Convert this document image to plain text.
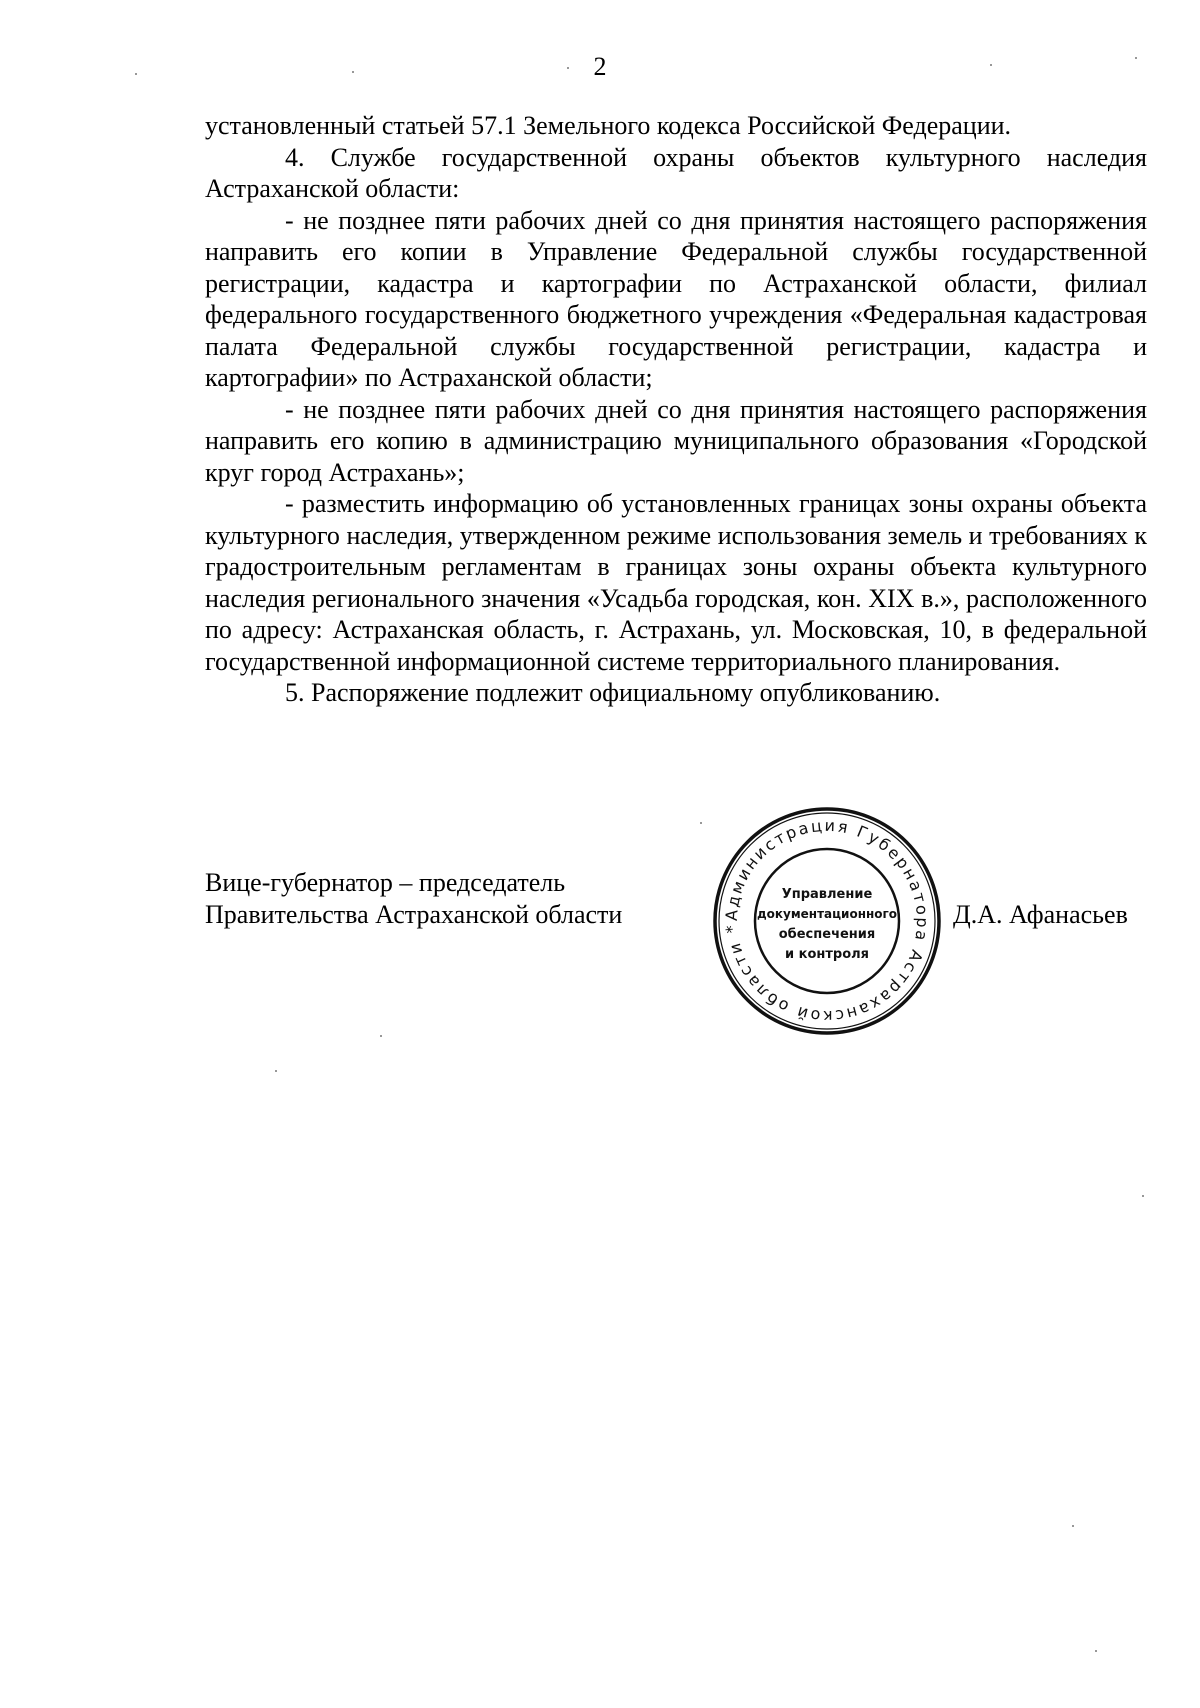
2

установленный статьей 57.1 Земельного кодекса Российской Федерации.

4. Службе государственной охраны объектов культурного наследия Астраханской области:

- не позднее пяти рабочих дней со дня принятия настоящего распоряжения направить его копии в Управление Федеральной службы государственной регистрации, кадастра и картографии по Астраханской области, филиал федерального государственного бюджетного учреждения «Федеральная кадастровая палата Федеральной службы государственной регистрации, кадастра и картографии» по Астраханской области;

- не позднее пяти рабочих дней со дня принятия настоящего распоряжения направить его копию в администрацию муниципального образования «Городской круг город Астрахань»;

- разместить информацию об установленных границах зоны охраны объекта культурного наследия, утвержденном режиме использования земель и требованиях к градостроительным регламентам в границах зоны охраны объекта культурного наследия регионального значения «Усадьба городская, кон. XIX в.», расположенного по адресу: Астраханская область, г. Астрахань, ул. Московская, 10, в федеральной государственной информационной системе территориального планирования.

5. Распоряжение подлежит официальному опубликованию.

Вице-губернатор – председатель
Правительства Астраханской области	Администрация Губернатора Астраханской области *
Управление
документационного
обеспечения
и контроля
Д.А. Афанасьев
